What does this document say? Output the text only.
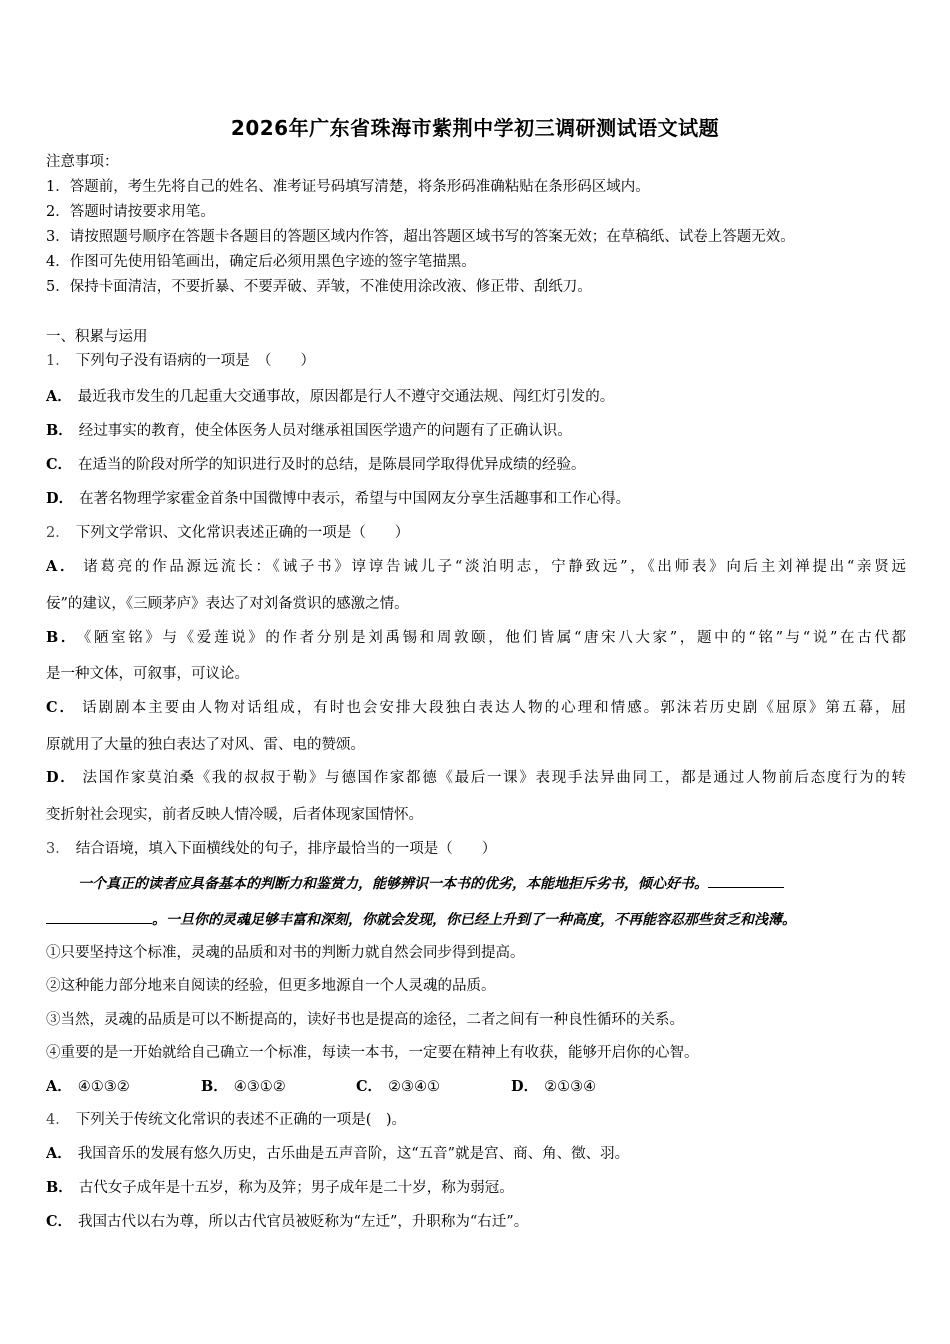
2026年广东省珠海市紫荆中学初三调研测试语文试题
注意事项：
1．答题前，考生先将自己的姓名、准考证号码填写清楚，将条形码准确粘贴在条形码区域内。
2．答题时请按要求用笔。
3．请按照题号顺序在答题卡各题目的答题区域内作答，超出答题区域书写的答案无效；在草稿纸、试卷上答题无效。
4．作图可先使用铅笔画出，确定后必须用黑色字迹的签字笔描黑。
5．保持卡面清洁，不要折暴、不要弄破、弄皱，不准使用涂改液、修正带、刮纸刀。
一、积累与运用
1． 下列句子没有语病的一项是　（　　）
A． 最近我市发生的几起重大交通事故，原因都是行人不遵守交通法规、闯红灯引发的。
B． 经过事实的教育，使全体医务人员对继承祖国医学遗产的问题有了正确认识。
C． 在适当的阶段对所学的知识进行及时的总结，是陈晨同学取得优异成绩的经验。
D． 在著名物理学家霍金首条中国微博中表示，希望与中国网友分享生活趣事和工作心得。
2． 下列文学常识、文化常识表述正确的一项是（　　）
A． 诸葛亮的作品源远流长：《诫子书》谆谆告诫儿子“淡泊明志，宁静致远”，《出师表》向后主刘禅提出“亲贤远
佞”的建议，《三顾茅庐》表达了对刘备赏识的感激之情。
B． 《陋室铭》与《爱莲说》的作者分别是刘禹锡和周敦颐，他们皆属“唐宋八大家”，题中的“铭”与“说”在古代都
是一种文体，可叙事，可议论。
C． 话剧剧本主要由人物对话组成，有时也会安排大段独白表达人物的心理和情感。郭沫若历史剧《屈原》第五幕，屈
原就用了大量的独白表达了对风、雷、电的赞颂。
D． 法国作家莫泊桑《我的叔叔于勒》与德国作家都德《最后一课》表现手法异曲同工，都是通过人物前后态度行为的转
变折射社会现实，前者反映人情冷暖，后者体现家国情怀。
3． 结合语境，填入下面横线处的句子，排序最恰当的一项是（　　）
一个真正的读者应具备基本的判断力和鉴赏力，能够辨识一本书的优劣，本能地拒斥劣书，倾心好书。
。一旦你的灵魂足够丰富和深刻，你就会发现，你已经上升到了一种高度，不再能容忍那些贫乏和浅薄。
①只要坚持这个标准，灵魂的品质和对书的判断力就自然会同步得到提高。
②这种能力部分地来自阅读的经验，但更多地源自一个人灵魂的品质。
③当然，灵魂的品质是可以不断提高的，读好书也是提高的途径，二者之间有一种良性循环的关系。
④重要的是一开始就给自己确立一个标准，每读一本书，一定要在精神上有收获，能够开启你的心智。
A． ④①③②	B． ④③①②	C． ②③④①	D． ②①③④
4． 下列关于传统文化常识的表述不正确的一项是(　)。
A． 我国音乐的发展有悠久历史，古乐曲是五声音阶，这“五音”就是宫、商、角、徵、羽。
B． 古代女子成年是十五岁，称为及笄；男子成年是二十岁，称为弱冠。
C． 我国古代以右为尊，所以古代官员被贬称为“左迁”，升职称为“右迁”。
